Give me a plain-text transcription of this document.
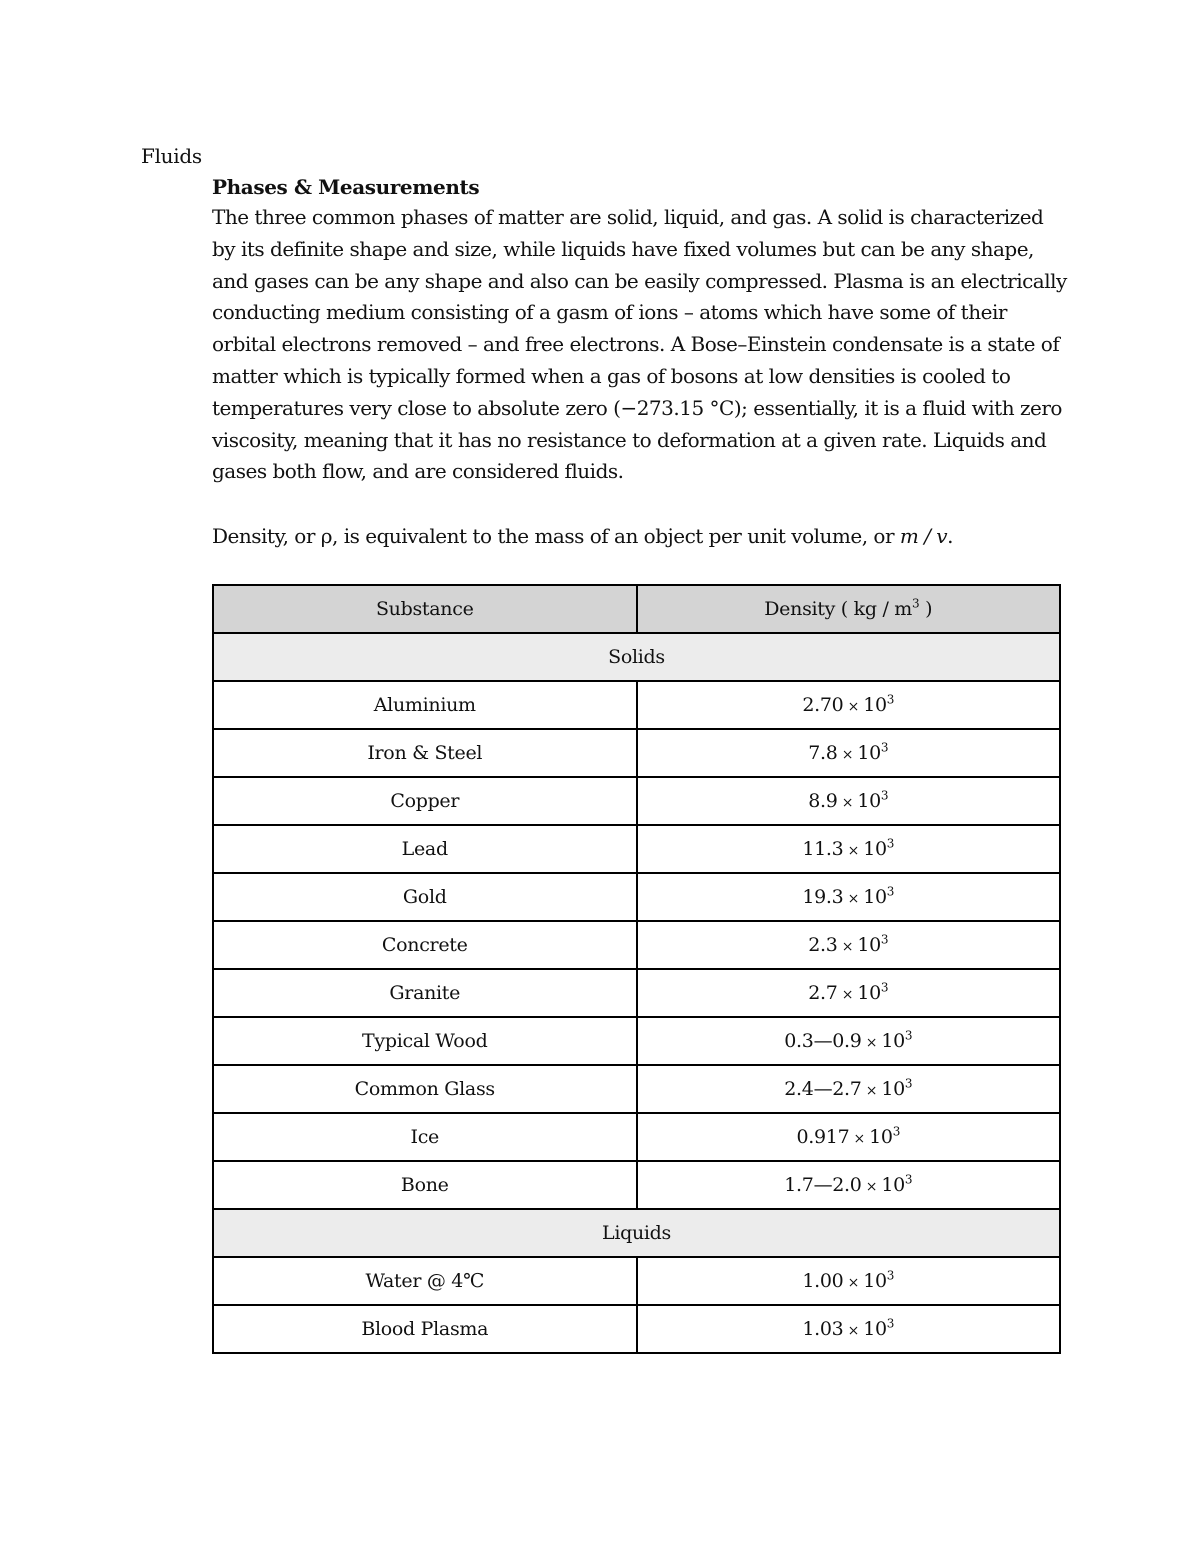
Fluids
Phases & Measurements

The three common phases of matter are solid, liquid, and gas. A solid is characterized by its definite shape and size, while liquids have fixed volumes but can be any shape, and gases can be any shape and also can be easily compressed. Plasma is an electrically conducting medium consisting of a gasm of ions – atoms which have some of their orbital electrons removed – and free electrons. A Bose–Einstein condensate is a state of matter which is typically formed when a gas of bosons at low densities is cooled to temperatures very close to absolute zero (−273.15 °C); essentially, it is a fluid with zero viscosity, meaning that it has no resistance to deformation at a given rate. Liquids and gases both flow, and are considered fluids.

Density, or ρ, is equivalent to the mass of an object per unit volume, or m / v.

Substance	Density ( kg / $m^3$ )
Solids	
Aluminium	$2.70 \times 10^3$
Iron & Steel	$7.8 \times 10^3$
Copper	$8.9 \times 10^3$
Lead	$11.3 \times 10^3$
Gold	$19.3 \times 10^3$
Concrete	$2.3 \times 10^3$
Granite	$2.7 \times 10^3$
Typical Wood	0.3—0.9 × $10^3$
Common Glass	2.4—2.7 × $10^3$
Ice	$0.917 \times 10^3$
Bone	1.7—2.0 × $10^3$
Liquids	
Water @ 4℃	$1.00 \times 10^3$
Blood Plasma	$1.03 \times 10^3$
